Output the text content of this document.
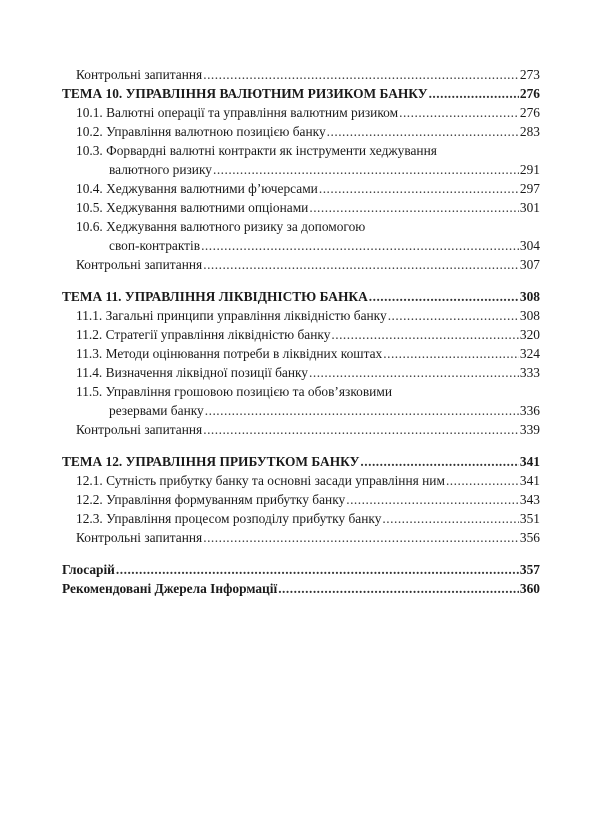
Контрольні запитання .....	273
ТЕМА 10. УПРАВЛІННЯ ВАЛЮТНИМ РИЗИКОМ БАНКУ .....	276
10.1. Валютні операції та управління валютним ризиком .....	276
10.2. Управління валютною позицією банку .....	283
10.3. Форвардні валютні контракти як інструменти хеджування
валютного ризику .....	291
10.4. Хеджування валютними ф’ючерсами .....	297
10.5. Хеджування валютними опціонами .....	301
10.6. Хеджування валютного ризику за допомогою
своп-контрактів .....	304
Контрольні запитання .....	307
ТЕМА 11. УПРАВЛІННЯ ЛІКВІДНІСТЮ БАНКА .....	308
11.1. Загальні принципи управління ліквідністю банку .....	308
11.2. Стратегії управління ліквідністю банку .....	320
11.3. Методи оцінювання потреби в ліквідних коштах .....	324
11.4. Визначення ліквідної позиції банку .....	333
11.5. Управління грошовою позицією та обов’язковими
резервами банку .....	336
Контрольні запитання .....	339
ТЕМА 12. УПРАВЛІННЯ ПРИБУТКОМ БАНКУ .....	341
12.1. Сутність прибутку банку та основні засади управління ним .....	341
12.2. Управління формуванням прибутку банку .....	343
12.3. Управління процесом розподілу прибутку банку .....	351
Контрольні запитання .....	356
Глосарій .....	357
Рекомендовані Джерела Інформації .....	360
